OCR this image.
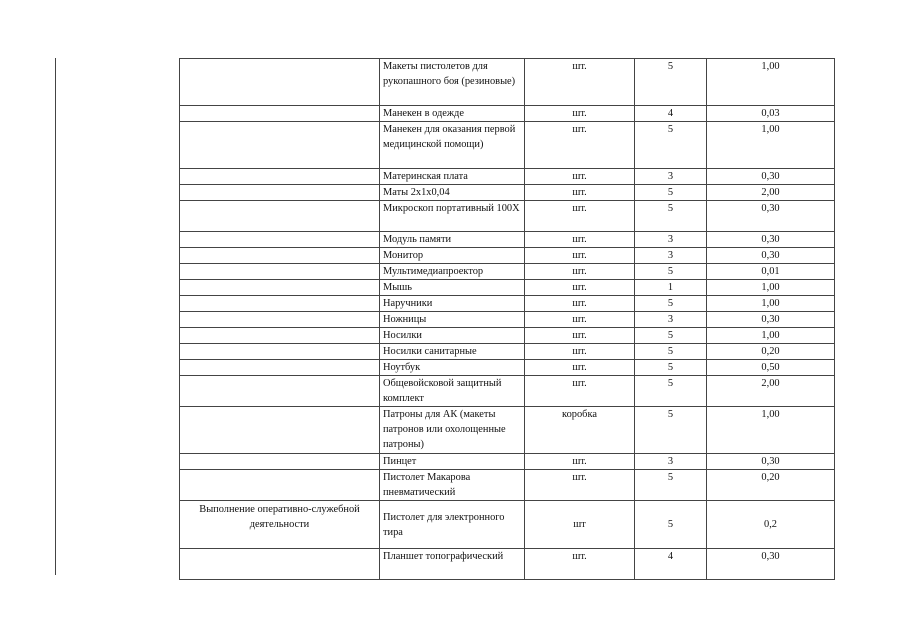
	Макеты пистолетов для рукопашного боя (резиновые)	шт.	5	1,00
	Манекен в одежде	шт.	4	0,03
	Манекен для оказания первой медицинской помощи)	шт.	5	1,00
	Материнская плата	шт.	3	0,30
	Маты 2х1х0,04	шт.	5	2,00
	Микроскоп портативный 100Х	шт.	5	0,30
	Модуль памяти	шт.	3	0,30
	Монитор	шт.	3	0,30
	Мультимедиапроектор	шт.	5	0,01
	Мышь	шт.	1	1,00
	Наручники	шт.	5	1,00
	Ножницы	шт.	3	0,30
	Носилки	шт.	5	1,00
	Носилки санитарные	шт.	5	0,20
	Ноутбук	шт.	5	0,50
	Общевойсковой защитный комплект	шт.	5	2,00
	Патроны для АК (макеты патронов или охолощенные патроны)	коробка	5	1,00
	Пинцет	шт.	3	0,30
	Пистолет Макарова пневматический	шт.	5	0,20
Выполнение оперативно-служебной деятельности	Пистолет для электронного тира	шт	5	0,2
	Планшет топографический	шт.	4	0,30
